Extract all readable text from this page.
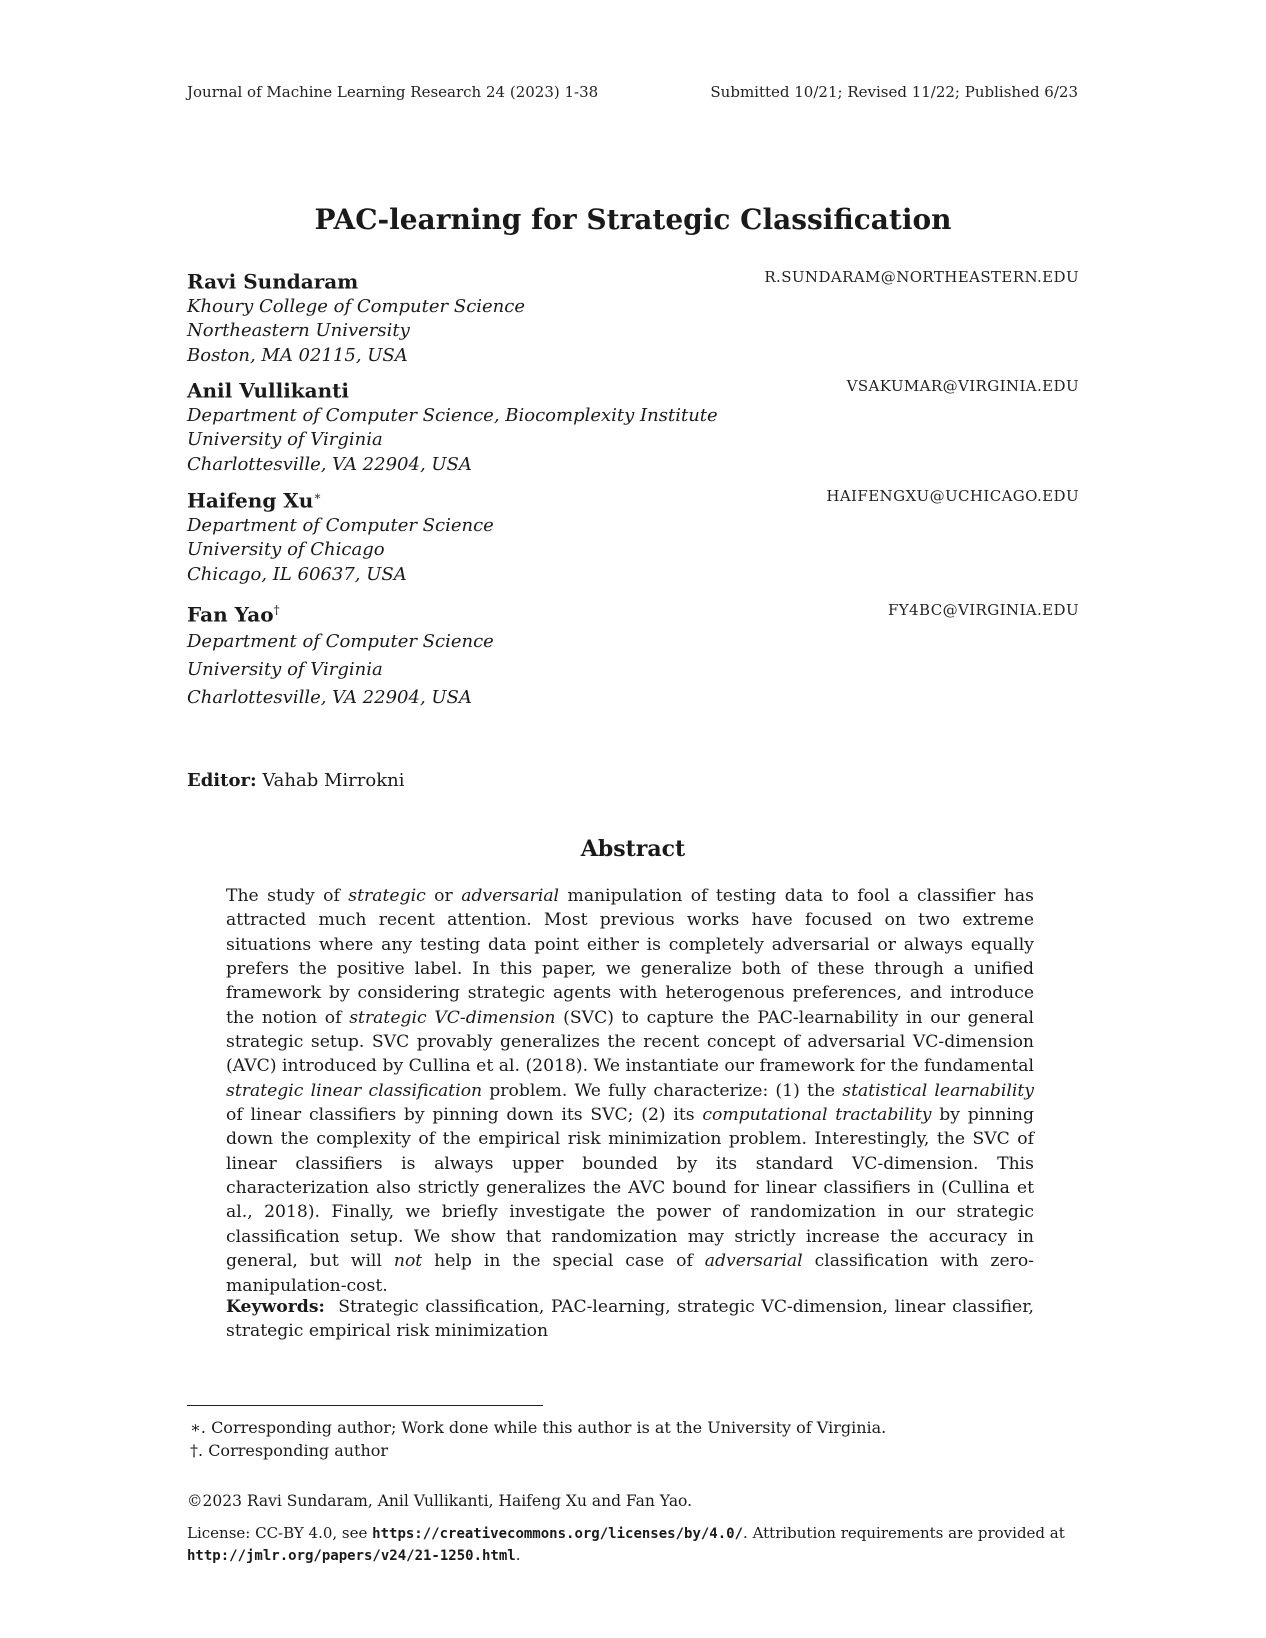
Journal of Machine Learning Research 24 (2023) 1-38	Submitted 10/21; Revised 11/22; Published 6/23
PAC-learning for Strategic Classification
Ravi Sundaram	R.SUNDARAM@NORTHEASTERN.EDU
Khoury College of Computer Science
Northeastern University
Boston, MA 02115, USA
Anil Vullikanti	VSAKUMAR@VIRGINIA.EDU
Department of Computer Science, Biocomplexity Institute
University of Virginia
Charlottesville, VA 22904, USA
Haifeng Xu∗	HAIFENGXU@UCHICAGO.EDU
Department of Computer Science
University of Chicago
Chicago, IL 60637, USA
Fan Yao†	FY4BC@VIRGINIA.EDU
Department of Computer Science
University of Virginia
Charlottesville, VA 22904, USA
Editor: Vahab Mirrokni
Abstract
The study of strategic or adversarial manipulation of testing data to fool a classifier has attracted much recent attention. Most previous works have focused on two extreme situations where any testing data point either is completely adversarial or always equally prefers the positive label. In this paper, we generalize both of these through a unified framework by considering strategic agents with heterogenous preferences, and introduce the notion of strategic VC-dimension (SVC) to capture the PAC-learnability in our general strategic setup. SVC provably generalizes the recent concept of adversarial VC-dimension (AVC) introduced by Cullina et al. (2018). We instantiate our framework for the fundamental strategic linear classification problem. We fully characterize: (1) the statistical learnability of linear classifiers by pinning down its SVC; (2) its computational tractability by pinning down the complexity of the empirical risk minimization problem. Interestingly, the SVC of linear classifiers is always upper bounded by its standard VC-dimension. This characterization also strictly generalizes the AVC bound for linear classifiers in (Cullina et al., 2018). Finally, we briefly investigate the power of randomization in our strategic classification setup. We show that randomization may strictly increase the accuracy in general, but will not help in the special case of adversarial classification with zero-manipulation-cost.
Keywords: Strategic classification, PAC-learning, strategic VC-dimension, linear classifier, strategic empirical risk minimization
∗. Corresponding author; Work done while this author is at the University of Virginia.
†. Corresponding author
©2023 Ravi Sundaram, Anil Vullikanti, Haifeng Xu and Fan Yao.
License: CC-BY 4.0, see https://creativecommons.org/licenses/by/4.0/. Attribution requirements are provided at http://jmlr.org/papers/v24/21-1250.html.
